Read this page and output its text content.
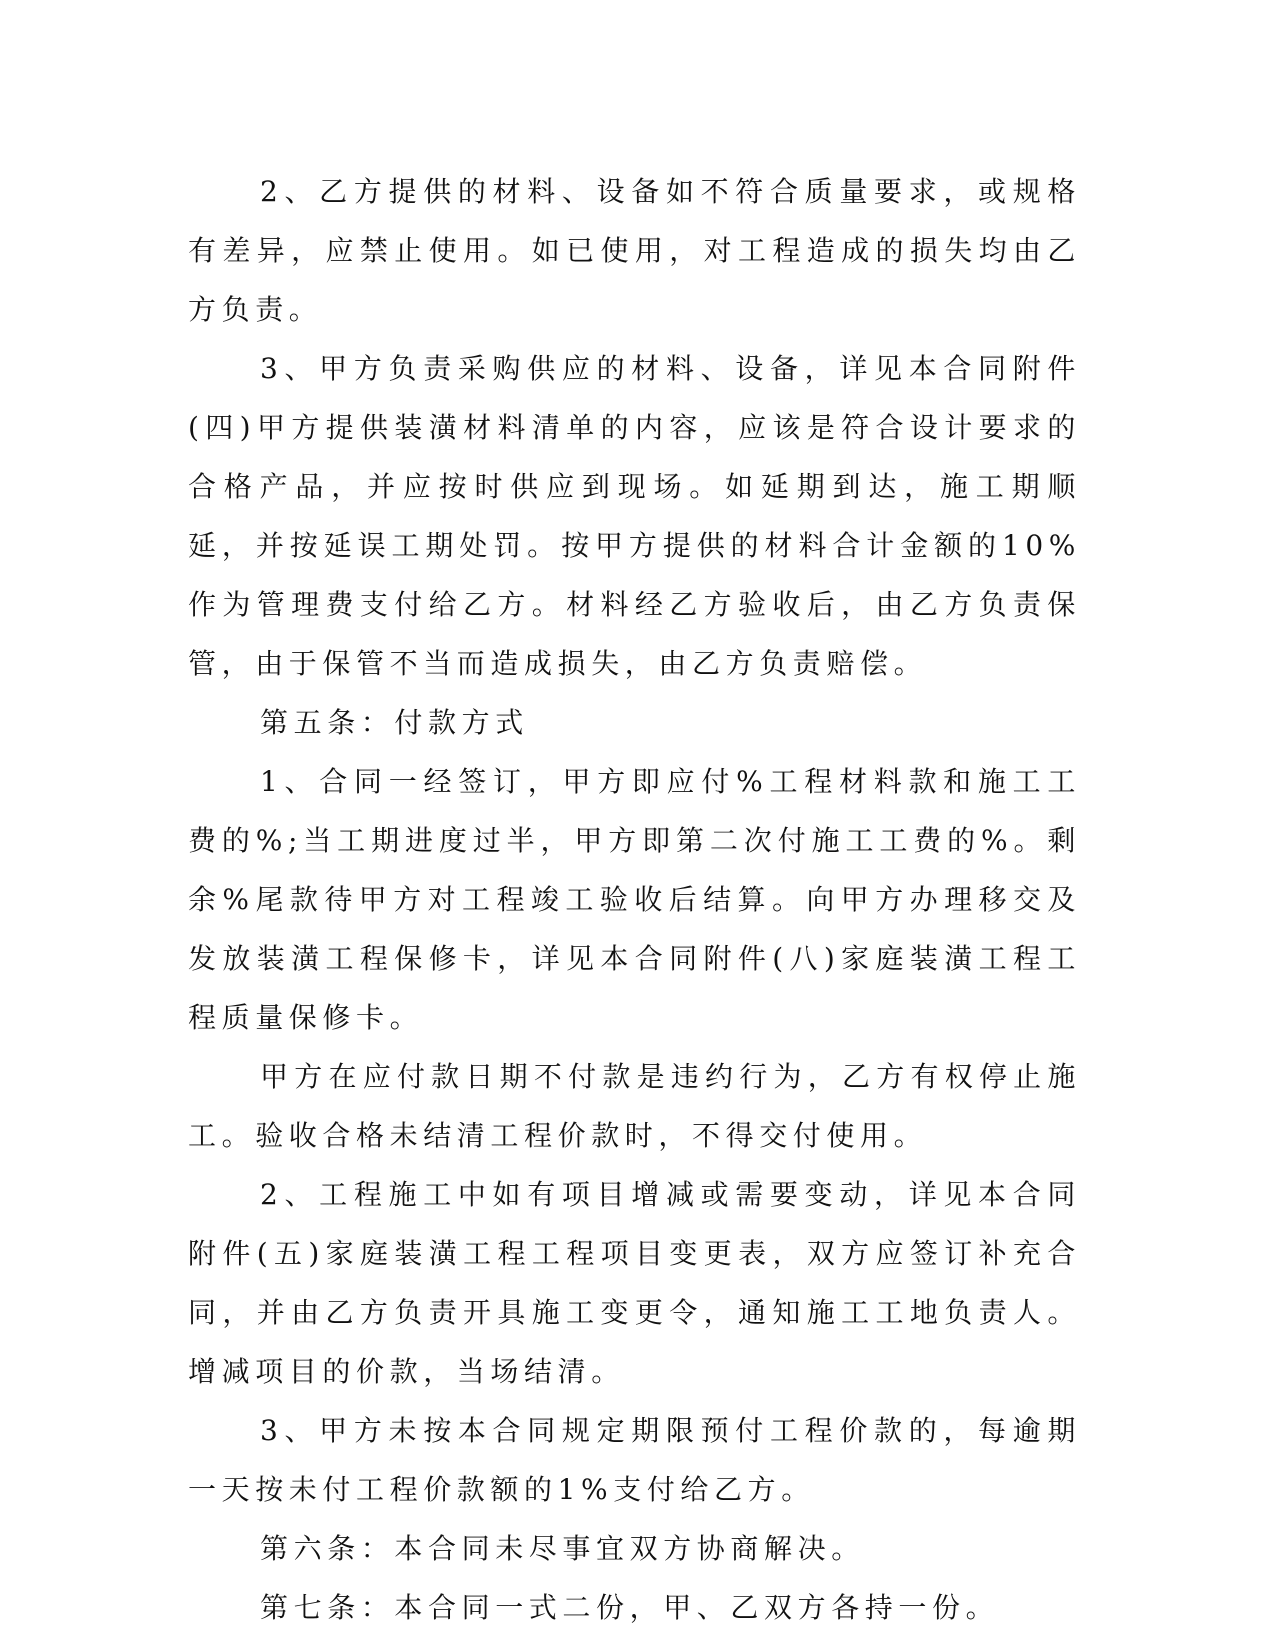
2、乙方提供的材料、设备如不符合质量要求，或规格有差异，应禁止使用。如已使用，对工程造成的损失均由乙方负责。

3、甲方负责采购供应的材料、设备，详见本合同附件(四)甲方提供装潢材料清单的内容，应该是符合设计要求的合格产品，并应按时供应到现场。如延期到达，施工期顺延，并按延误工期处罚。按甲方提供的材料合计金额的10%作为管理费支付给乙方。材料经乙方验收后，由乙方负责保管，由于保管不当而造成损失，由乙方负责赔偿。

第五条：付款方式

1、合同一经签订，甲方即应付%工程材料款和施工工费的%;当工期进度过半，甲方即第二次付施工工费的%。剩余%尾款待甲方对工程竣工验收后结算。向甲方办理移交及发放装潢工程保修卡，详见本合同附件(八)家庭装潢工程工程质量保修卡。

甲方在应付款日期不付款是违约行为，乙方有权停止施工。验收合格未结清工程价款时，不得交付使用。

2、工程施工中如有项目增减或需要变动，详见本合同附件(五)家庭装潢工程工程项目变更表，双方应签订补充合同，并由乙方负责开具施工变更令，通知施工工地负责人。增减项目的价款，当场结清。

3、甲方未按本合同规定期限预付工程价款的，每逾期一天按未付工程价款额的1%支付给乙方。

第六条：本合同未尽事宜双方协商解决。

第七条：本合同一式二份，甲、乙双方各持一份。
